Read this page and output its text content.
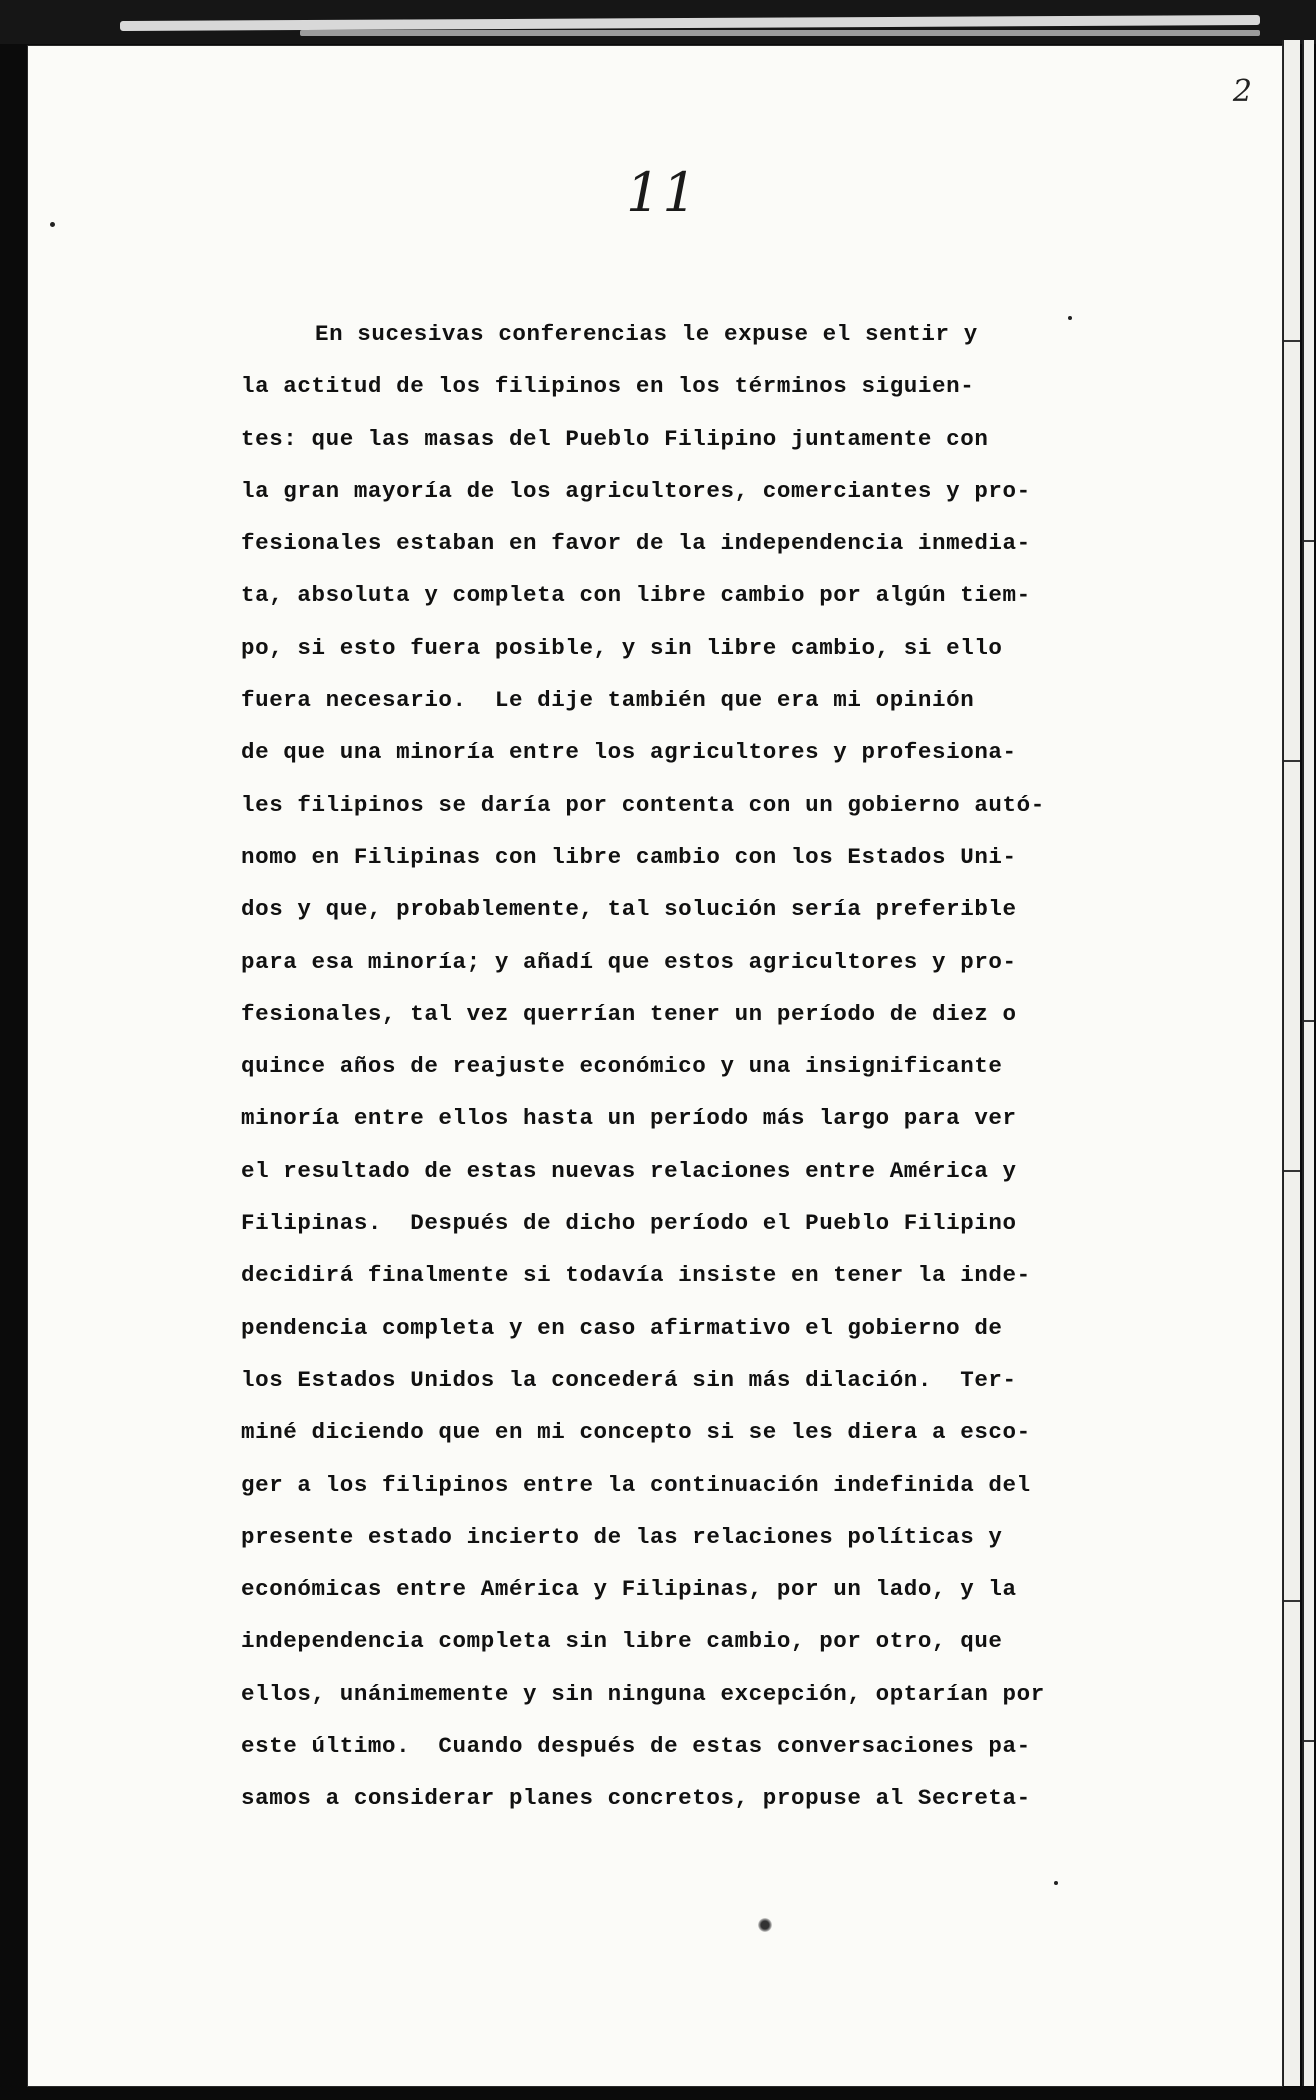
2
11
En sucesivas conferencias le expuse el sentir y
la actitud de los filipinos en los términos siguien-
tes: que las masas del Pueblo Filipino juntamente con
la gran mayoría de los agricultores, comerciantes y pro-
fesionales estaban en favor de la independencia inmedia-
ta, absoluta y completa con libre cambio por algún tiem-
po, si esto fuera posible, y sin libre cambio, si ello
fuera necesario.  Le dije también que era mi opinión
de que una minoría entre los agricultores y profesiona-
les filipinos se daría por contenta con un gobierno autó-
nomo en Filipinas con libre cambio con los Estados Uni-
dos y que, probablemente, tal solución sería preferible
para esa minoría; y añadí que estos agricultores y pro-
fesionales, tal vez querrían tener un período de diez o
quince años de reajuste económico y una insignificante
minoría entre ellos hasta un período más largo para ver
el resultado de estas nuevas relaciones entre América y
Filipinas.  Después de dicho período el Pueblo Filipino
decidirá finalmente si todavía insiste en tener la inde-
pendencia completa y en caso afirmativo el gobierno de
los Estados Unidos la concederá sin más dilación.  Ter-
miné diciendo que en mi concepto si se les diera a esco-
ger a los filipinos entre la continuación indefinida del
presente estado incierto de las relaciones políticas y
económicas entre América y Filipinas, por un lado, y la
independencia completa sin libre cambio, por otro, que
ellos, unánimemente y sin ninguna excepción, optarían por
este último.  Cuando después de estas conversaciones pa-
samos a considerar planes concretos, propuse al Secreta-
